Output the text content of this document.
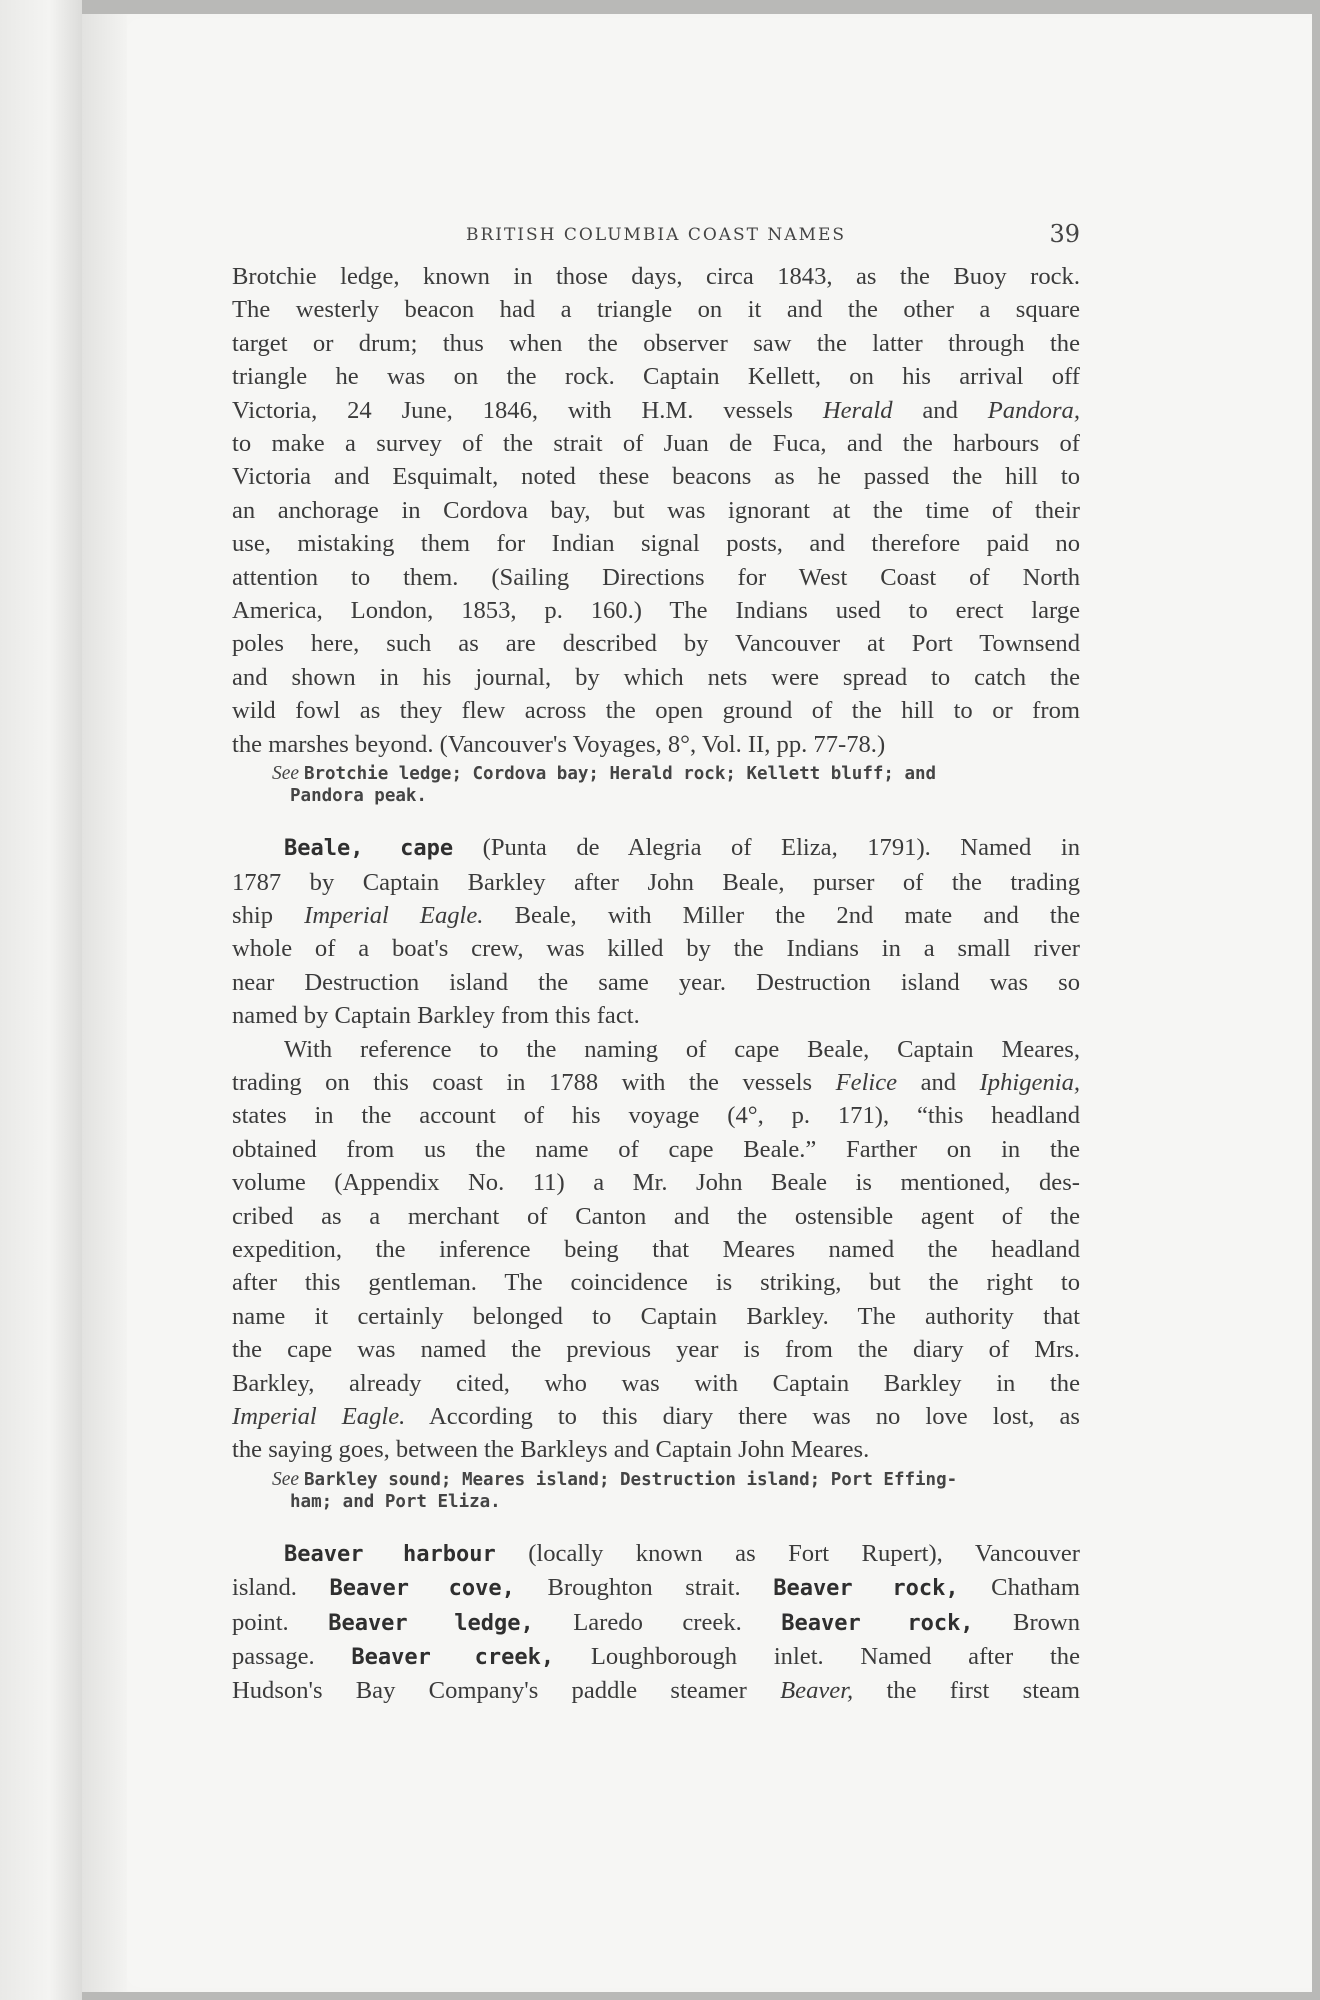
BRITISH COLUMBIA COAST NAMES	39

Brotchie ledge, known in those days, circa 1843, as the Buoy rock.

The westerly beacon had a triangle on it and the other a square

target or drum; thus when the observer saw the latter through the

triangle he was on the rock. Captain Kellett, on his arrival off

Victoria, 24 June, 1846, with H.M. vessels Herald and Pandora,

to make a survey of the strait of Juan de Fuca, and the harbours of

Victoria and Esquimalt, noted these beacons as he passed the hill to

an anchorage in Cordova bay, but was ignorant at the time of their

use, mistaking them for Indian signal posts, and therefore paid no

attention to them. (Sailing Directions for West Coast of North

America, London, 1853, p. 160.) The Indians used to erect large

poles here, such as are described by Vancouver at Port Townsend

and shown in his journal, by which nets were spread to catch the

wild fowl as they flew across the open ground of the hill to or from

the marshes beyond. (Vancouver's Voyages, 8°, Vol. II, pp. 77-78.)

See Brotchie ledge; Cordova bay; Herald rock; Kellett bluff; and
Pandora peak.

Beale, cape (Punta de Alegria of Eliza, 1791). Named in

1787 by Captain Barkley after John Beale, purser of the trading

ship Imperial Eagle. Beale, with Miller the 2nd mate and the

whole of a boat's crew, was killed by the Indians in a small river

near Destruction island the same year. Destruction island was so

named by Captain Barkley from this fact.

With reference to the naming of cape Beale, Captain Meares,

trading on this coast in 1788 with the vessels Felice and Iphigenia,

states in the account of his voyage (4°, p. 171), “this headland

obtained from us the name of cape Beale.” Farther on in the

volume (Appendix No. 11) a Mr. John Beale is mentioned, des-

cribed as a merchant of Canton and the ostensible agent of the

expedition, the inference being that Meares named the headland

after this gentleman. The coincidence is striking, but the right to

name it certainly belonged to Captain Barkley. The authority that

the cape was named the previous year is from the diary of Mrs.

Barkley, already cited, who was with Captain Barkley in the

Imperial Eagle. According to this diary there was no love lost, as

the saying goes, between the Barkleys and Captain John Meares.

See Barkley sound; Meares island; Destruction island; Port Effing-
ham; and Port Eliza.

Beaver harbour (locally known as Fort Rupert), Vancouver

island. Beaver cove, Broughton strait. Beaver rock, Chatham

point. Beaver ledge, Laredo creek. Beaver rock, Brown

passage. Beaver creek, Loughborough inlet. Named after the

Hudson's Bay Company's paddle steamer Beaver, the first steam
